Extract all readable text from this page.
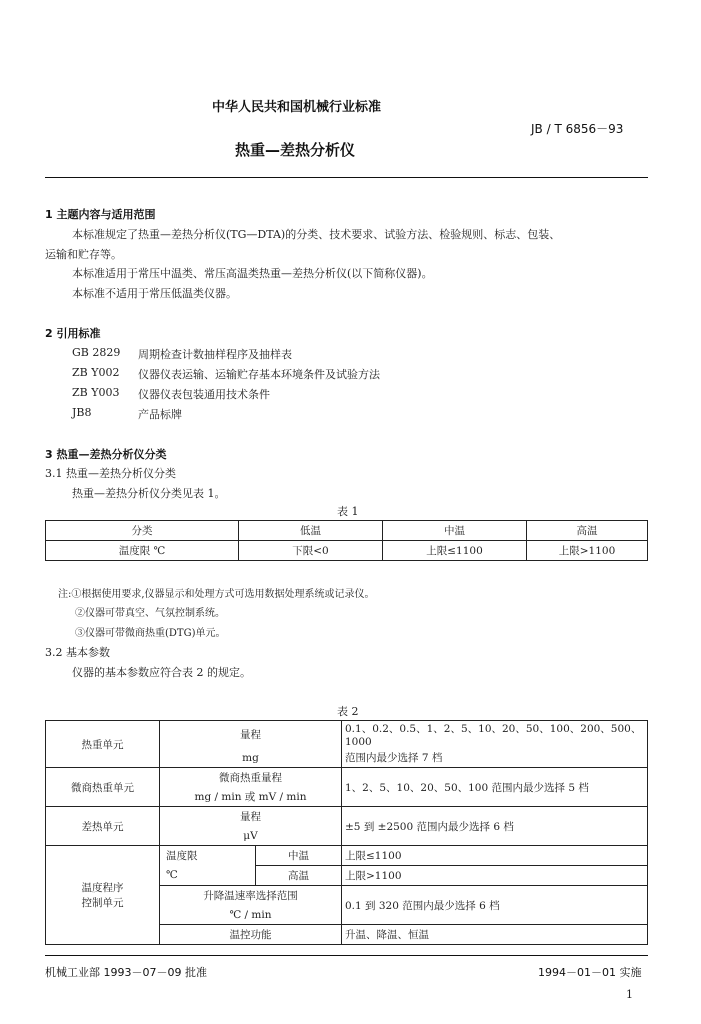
中华人民共和国机械行业标准
JB / T 6856－93
热重—差热分析仪
1 主题内容与适用范围
本标准规定了热重—差热分析仪(TG—DTA)的分类、技术要求、试验方法、检验规则、标志、包装、
运输和贮存等。
本标准适用于常压中温类、常压高温类热重—差热分析仪(以下简称仪器)。
本标准不适用于常压低温类仪器。
2 引用标准
GB 2829 周期检查计数抽样程序及抽样表
ZB Y002 仪器仪表运输、运输贮存基本环境条件及试验方法
ZB Y003 仪器仪表包装通用技术条件
JB8	产品标牌
3 热重—差热分析仪分类
3.1 热重—差热分析仪分类
热重—差热分析仪分类见表 1。
表 1
分类	低温	中温	高温
温度限 ℃	下限<0	上限≤1100	上限>1100
注:①根据使用要求,仪器显示和处理方式可选用数据处理系统或记录仪。
②仪器可带真空、气氛控制系统。
③仪器可带微商热重(DTG)单元。
3.2 基本参数
仪器的基本参数应符合表 2 的规定。
表 2
热重单元	量程		0.1、0.2、0.5、1、2、5、10、20、50、100、200、500、1000
	mg		范围内最少选择 7 档
微商热重单元	微商热重量程		1、2、5、10、20、50、100 范围内最少选择 5 档
	mg / min 或 mV / min		
差热单元	量程		±5 到 ±2500 范围内最少选择 6 档
	μV		

温度程序
控制单元	温度限	中温	上限≤1100
	℃	高温	上限>1100
	升降温速率选择范围		0.1 到 320 范围内最少选择 6 档
	℃ / min		
	温控功能		升温、降温、恒温
机械工业部 1993－07－09 批准	1994－01－01 实施
1
